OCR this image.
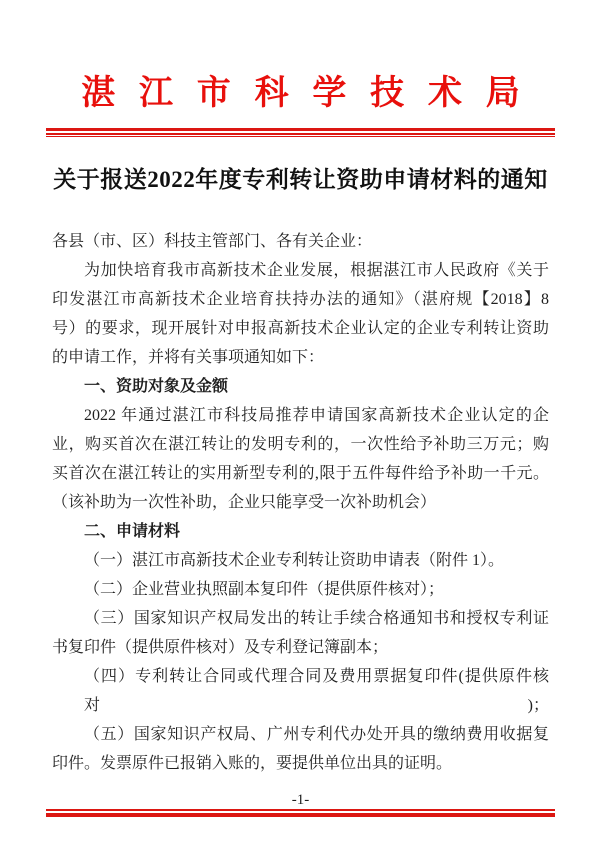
湛江市科学技术局
关于报送2022年度专利转让资助申请材料的通知
各县（市、区）科技主管部门、各有关企业：
为加快培育我市高新技术企业发展，根据湛江市人民政府《关于
印发湛江市高新技术企业培育扶持办法的通知》（湛府规【2018】8
号）的要求，现开展针对申报高新技术企业认定的企业专利转让资助
的申请工作，并将有关事项通知如下：
一、资助对象及金额
2022 年通过湛江市科技局推荐申请国家高新技术企业认定的企
业，购买首次在湛江转让的发明专利的，一次性给予补助三万元；购
买首次在湛江转让的实用新型专利的,限于五件每件给予补助一千元。
（该补助为一次性补助，企业只能享受一次补助机会）
二、申请材料
（一）湛江市高新技术企业专利转让资助申请表（附件 1）。
（二）企业营业执照副本复印件（提供原件核对）；
（三）国家知识产权局发出的转让手续合格通知书和授权专利证
书复印件（提供原件核对）及专利登记簿副本；
（四）专利转让合同或代理合同及费用票据复印件(提供原件核对)；
（五）国家知识产权局、广州专利代办处开具的缴纳费用收据复
印件。发票原件已报销入账的，要提供单位出具的证明。
-1-
